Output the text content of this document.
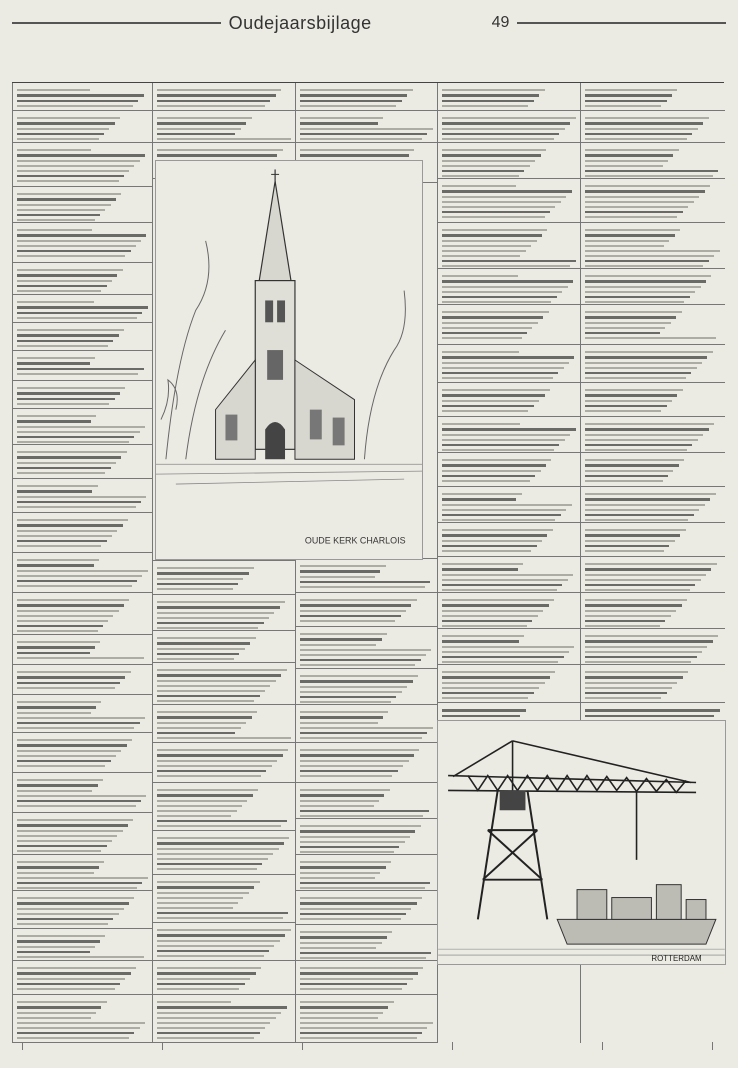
Oudejaarsbijlage	49
OUDE KERK CHARLOIS
ROTTERDAM
